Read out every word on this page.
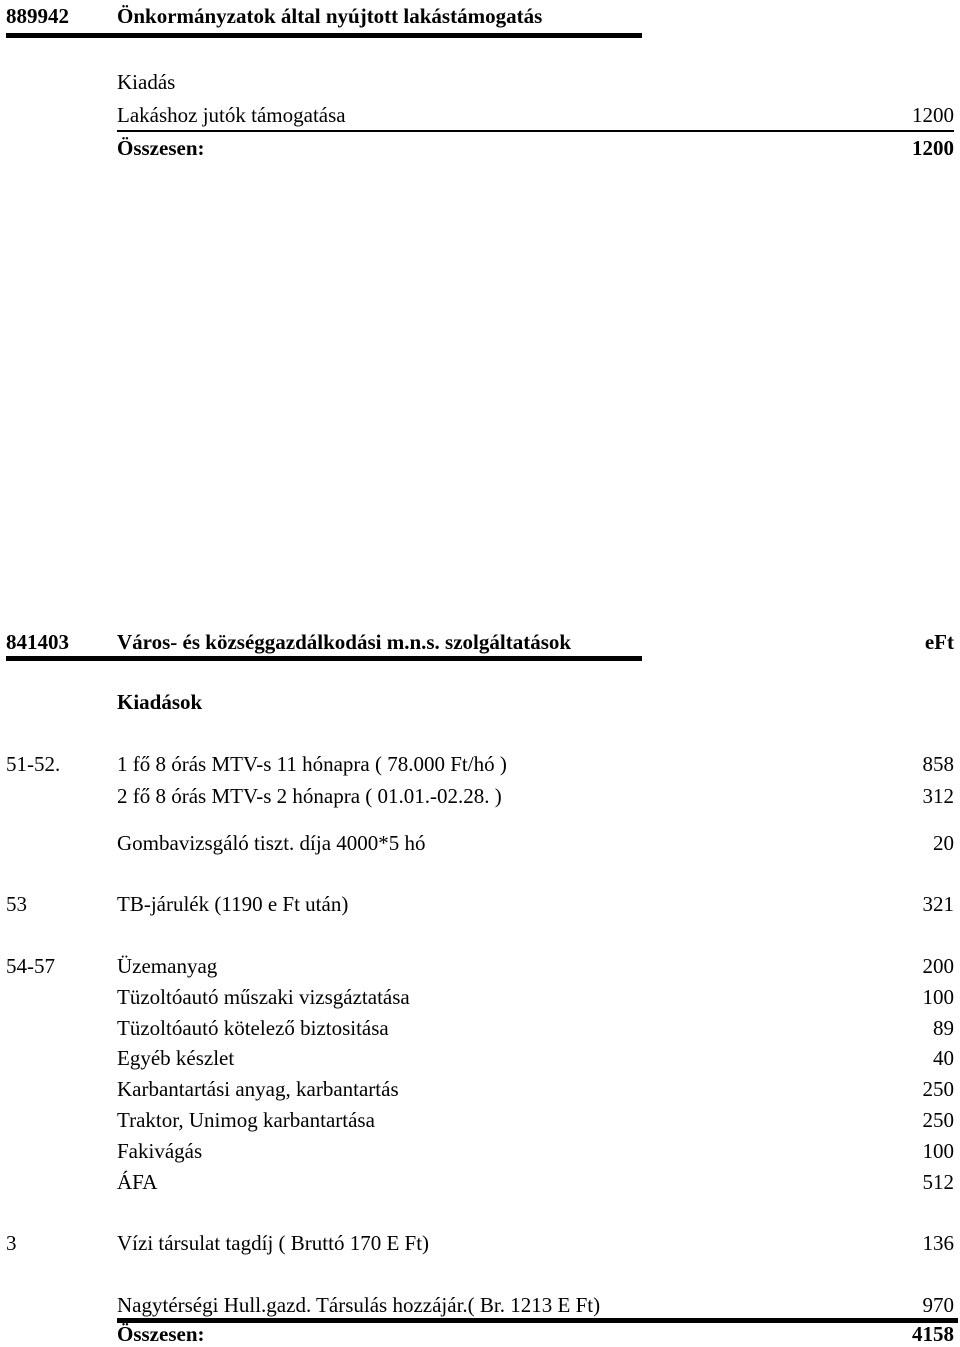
889942 Önkormányzatok által nyújtott lakástámogatás
Kiadás
Lakáshoz jutók támogatása	1200
Összesen:	1200
841403 Város- és községgazdálkodási m.n.s. szolgáltatások	eFt
Kiadások
51-52.	1 fő 8 órás MTV-s 11 hónapra ( 78.000 Ft/hó )	858
2 fő 8 órás MTV-s 2 hónapra ( 01.01.-02.28. )	312
Gombavizsgáló tiszt. díja 4000*5 hó	20
53	TB-járulék (1190 e Ft után)	321
54-57	Üzemanyag	200
Tüzoltóautó műszaki vizsgáztatása	100
Tüzoltóautó kötelező biztositása	89
Egyéb készlet	40
Karbantartási anyag, karbantartás	250
Traktor, Unimog karbantartása	250
Fakivágás	100
ÁFA	512
3	Vízi társulat tagdíj ( Bruttó 170 E Ft)	136
Nagytérségi Hull.gazd. Társulás hozzájár.( Br. 1213 E Ft)	970
Összesen:	4158
